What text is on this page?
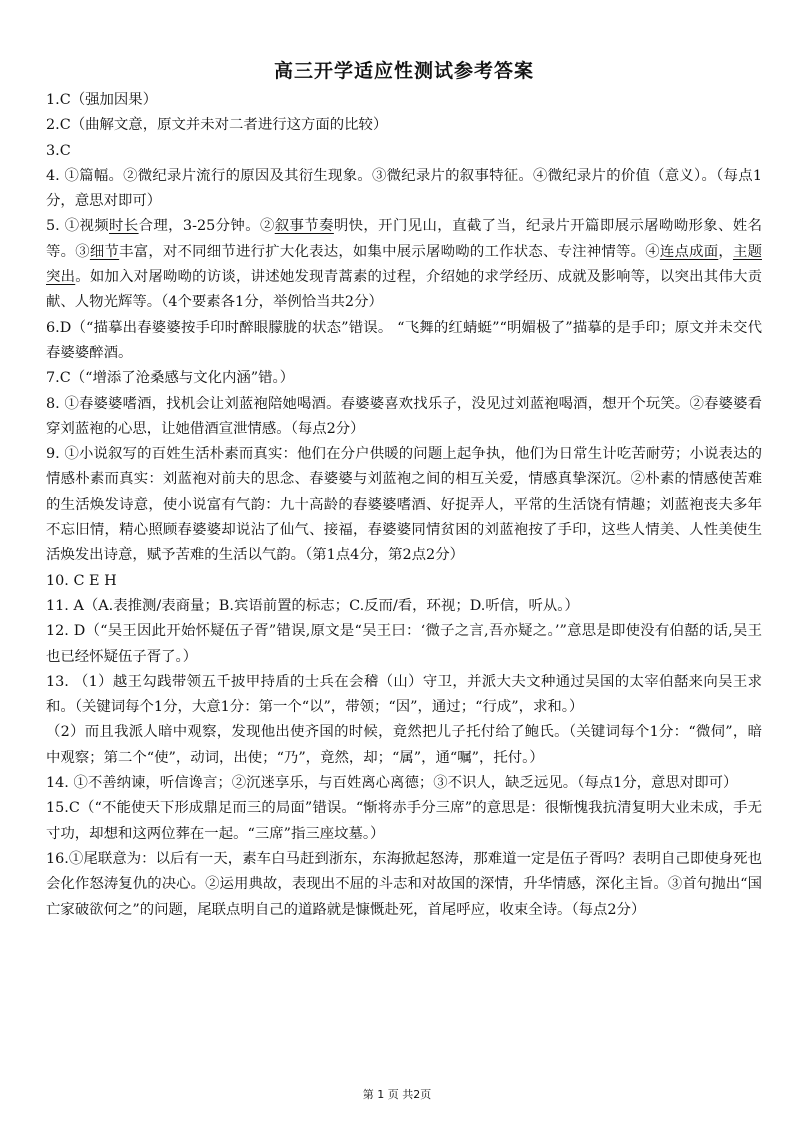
高三开学适应性测试参考答案

1.C（强加因果）

2.C（曲解文意，原文并未对二者进行这方面的比较）

3.C

4. ①篇幅。②微纪录片流行的原因及其衍生现象。③微纪录片的叙事特征。④微纪录片的价值（意义）。（每点1分，意思对即可）

5. ①视频时长合理，3-25分钟。②叙事节奏明快，开门见山，直截了当，纪录片开篇即展示屠呦呦形象、姓名等。③细节丰富，对不同细节进行扩大化表达，如集中展示屠呦呦的工作状态、专注神情等。④连点成面，主题突出。如加入对屠呦呦的访谈，讲述她发现青蒿素的过程，介绍她的求学经历、成就及影响等，以突出其伟大贡献、人物光辉等。（4个要素各1分，举例恰当共2分）

6.D（“描摹出春婆婆按手印时醉眼朦胧的状态”错误。 “飞舞的红蜻蜓”“明媚极了”描摹的是手印；原文并未交代春婆婆醉酒。

7.C（“增添了沧桑感与文化内涵”错。）

8. ①春婆婆嗜酒，找机会让刘蓝袍陪她喝酒。春婆婆喜欢找乐子，没见过刘蓝袍喝酒，想开个玩笑。②春婆婆看穿刘蓝袍的心思，让她借酒宣泄情感。（每点2分）

9. ①小说叙写的百姓生活朴素而真实：他们在分户供暖的问题上起争执，他们为日常生计吃苦耐劳；小说表达的情感朴素而真实：刘蓝袍对前夫的思念、春婆婆与刘蓝袍之间的相互关爱，情感真挚深沉。②朴素的情感使苦难的生活焕发诗意，使小说富有气韵：九十高龄的春婆婆嗜酒、好捉弄人，平常的生活饶有情趣；刘蓝袍丧夫多年不忘旧情，精心照顾春婆婆却说沾了仙气、接福，春婆婆同情贫困的刘蓝袍按了手印，这些人情美、人性美使生活焕发出诗意，赋予苦难的生活以气韵。（第1点4分，第2点2分）

10. C E H

11. A（A.表推测/表商量；B.宾语前置的标志；C.反而/看，环视；D.听信，听从。）

12. D（“吴王因此开始怀疑伍子胥”错误,原文是“吴王曰：‘微子之言,吾亦疑之。’”意思是即使没有伯嚭的话,吴王也已经怀疑伍子胥了。）

13. （1）越王勾践带领五千披甲持盾的士兵在会稽（山）守卫，并派大夫文种通过吴国的太宰伯嚭来向吴王求和。（关键词每个1分，大意1分：第一个“以”，带领；“因”，通过；“行成”，求和。）
（2）而且我派人暗中观察，发现他出使齐国的时候，竟然把儿子托付给了鲍氏。（关键词每个1分：“微伺”，暗中观察；第二个“使”，动词，出使；“乃”，竟然，却；“属”，通“嘱”，托付。）

14. ①不善纳谏，听信谗言；②沉迷享乐，与百姓离心离德；③不识人，缺乏远见。（每点1分，意思对即可）

15.C（“不能使天下形成鼎足而三的局面”错误。“惭将赤手分三席”的意思是：很惭愧我抗清复明大业未成，手无寸功，却想和这两位葬在一起。“三席”指三座坟墓。）

16.①尾联意为：以后有一天，素车白马赶到浙东，东海掀起怒涛，那难道一定是伍子胥吗？表明自己即使身死也会化作怒涛复仇的决心。②运用典故，表现出不屈的斗志和对故国的深情，升华情感，深化主旨。③首句抛出“国亡家破欲何之”的问题，尾联点明自己的道路就是慷慨赴死，首尾呼应，收束全诗。（每点2分）

第 1 页 共2页
